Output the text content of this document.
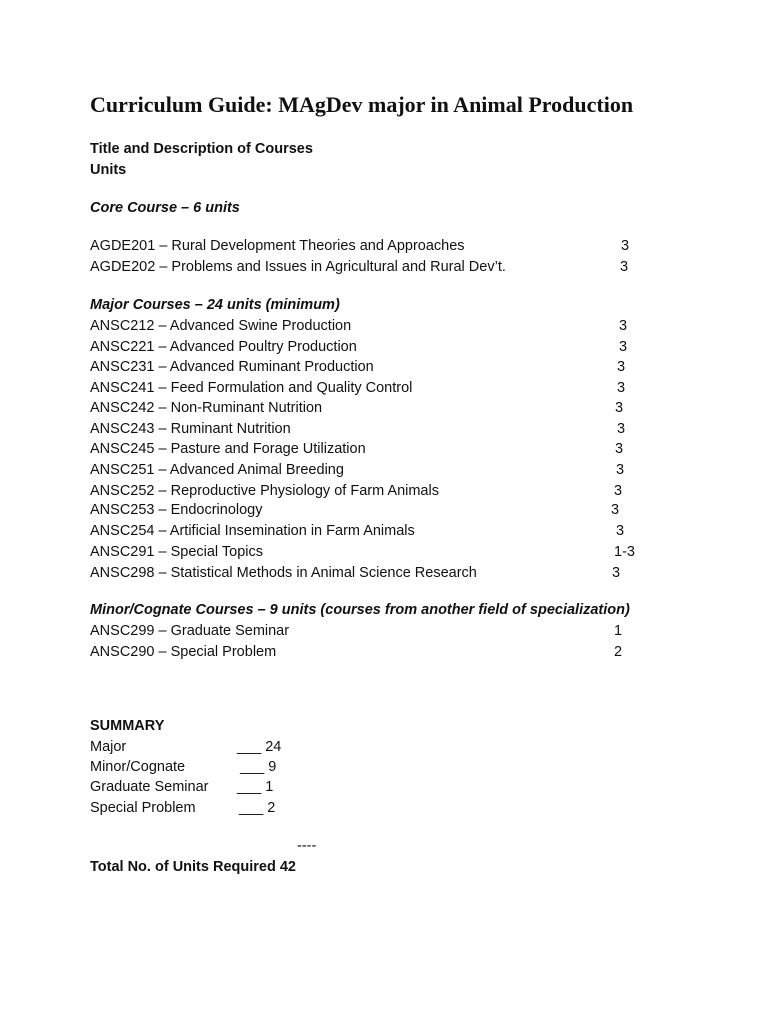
Curriculum Guide: MAgDev major in Animal Production
Title and Description of Courses
Units
Core Course – 6 units
AGDE201 – Rural Development Theories and Approaches	3
AGDE202 – Problems and Issues in Agricultural and Rural Dev’t.	3
Major Courses – 24 units (minimum)
ANSC212 – Advanced Swine Production	3
ANSC221 – Advanced Poultry Production	3
ANSC231 – Advanced Ruminant Production	3
ANSC241 – Feed Formulation and Quality Control	3
ANSC242 – Non-Ruminant Nutrition	3
ANSC243 – Ruminant Nutrition	3
ANSC245 – Pasture and Forage Utilization	3
ANSC251 – Advanced Animal Breeding	3
ANSC252 – Reproductive Physiology of Farm Animals	3
ANSC253 – Endocrinology	3
ANSC254 – Artificial Insemination in Farm Animals	3
ANSC291 – Special Topics	1-3
ANSC298 – Statistical Methods in Animal Science Research	3
Minor/Cognate Courses – 9 units (courses from another field of specialization)
ANSC299 – Graduate Seminar	1
ANSC290 – Special Problem	2
SUMMARY
Major	___ 24
Minor/Cognate	___ 9
Graduate Seminar ___ 1
Special Problem	___ 2
----
Total No. of Units Required 42
